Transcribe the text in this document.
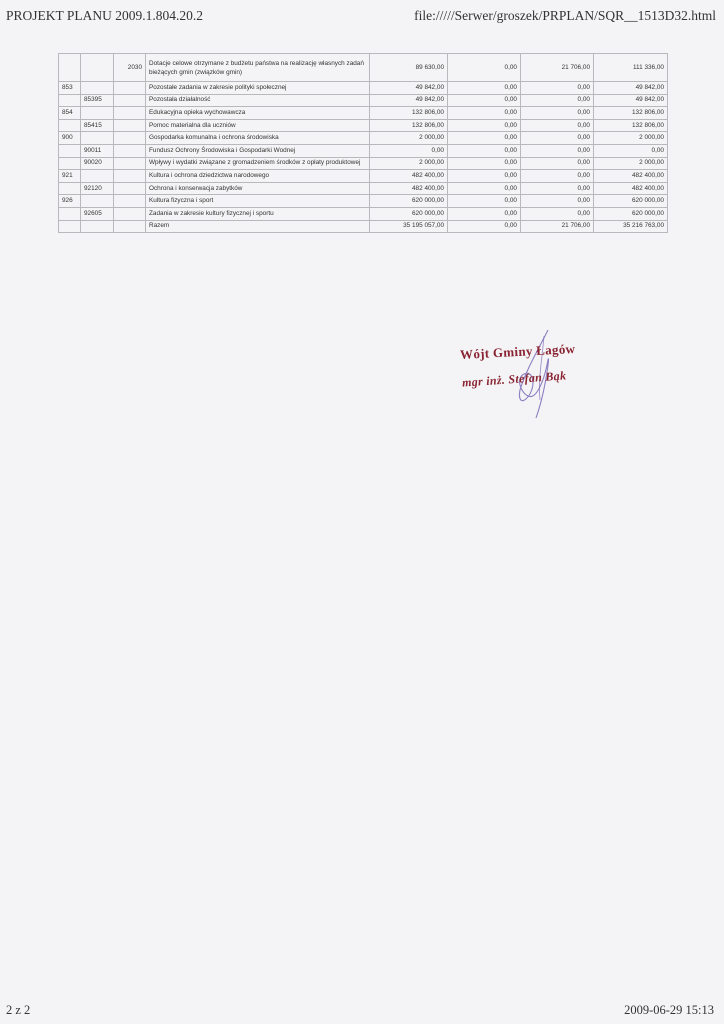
PROJEKT PLANU 2009.1.804.20.2	file://///Serwer/groszek/PRPLAN/SQR__1513D32.html
		2030	Dotacje celowe otrzymane z budżetu państwa na realizację własnych zadań bieżących gmin (związków gmin)	89 630,00	0,00	21 706,00	111 336,00
853			Pozostałe zadania w zakresie polityki społecznej	49 842,00	0,00	0,00	49 842,00
	85395		Pozostała działalność	49 842,00	0,00	0,00	49 842,00
854			Edukacyjna opieka wychowawcza	132 806,00	0,00	0,00	132 806,00
	85415		Pomoc materialna dla uczniów	132 806,00	0,00	0,00	132 806,00
900			Gospodarka komunalna i ochrona środowiska	2 000,00	0,00	0,00	2 000,00
	90011		Fundusz Ochrony Środowiska i Gospodarki Wodnej	0,00	0,00	0,00	0,00
	90020		Wpływy i wydatki związane z gromadzeniem środków z opłaty produktowej	2 000,00	0,00	0,00	2 000,00
921			Kultura i ochrona dziedzictwa narodowego	482 400,00	0,00	0,00	482 400,00
	92120		Ochrona i konserwacja zabytków	482 400,00	0,00	0,00	482 400,00
926			Kultura fizyczna i sport	620 000,00	0,00	0,00	620 000,00
	92605		Zadania w zakresie kultury fizycznej i sportu	620 000,00	0,00	0,00	620 000,00
			Razem	35 195 057,00	0,00	21 706,00	35 216 763,00
Wójt Gminy Łagów
mgr inż. Stefan Bąk
2 z 2	2009-06-29 15:13
